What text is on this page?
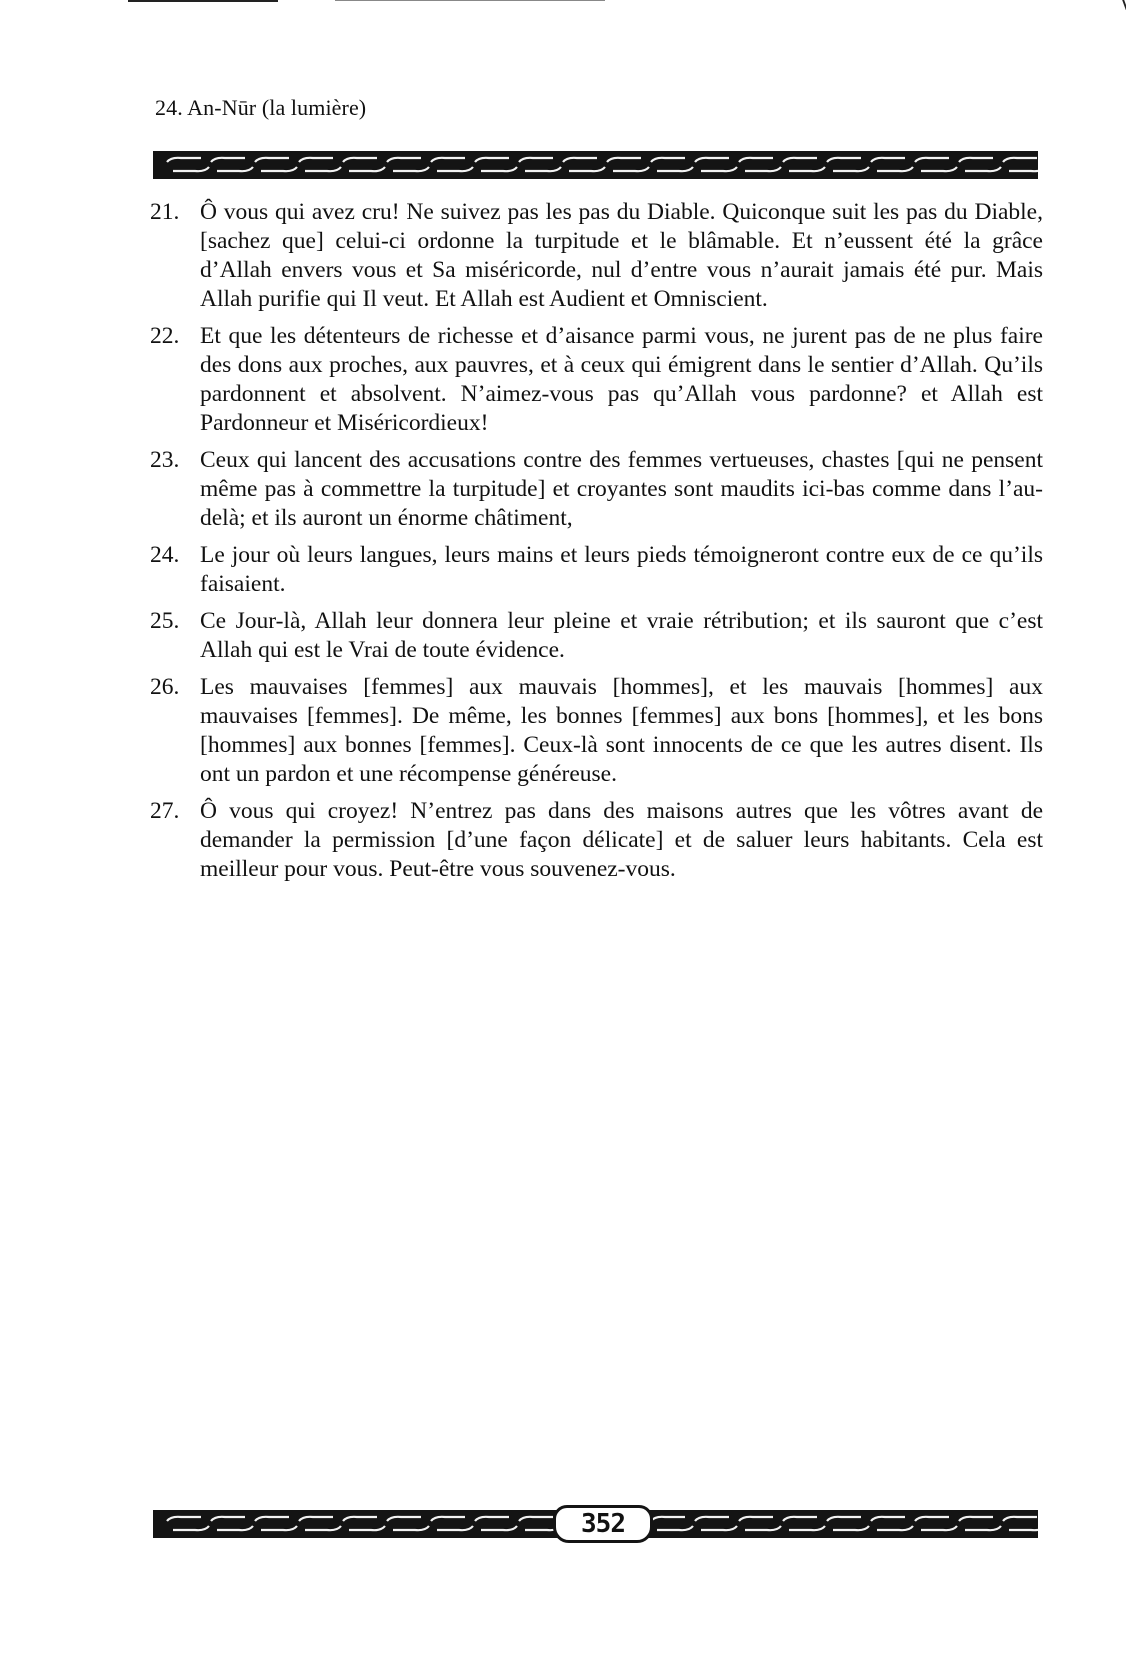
24. An-Nūr (la lumière)
21. Ô vous qui avez cru! Ne suivez pas les pas du Diable. Quiconque suit les pas du Diable, [sachez que] celui-ci ordonne la turpitude et le blâmable. Et n’eussent été la grâce d’Allah envers vous et Sa miséricorde, nul d’entre vous n’aurait jamais été pur. Mais Allah purifie qui Il veut. Et Allah est Audient et Omniscient.
22. Et que les détenteurs de richesse et d’aisance parmi vous, ne jurent pas de ne plus faire des dons aux proches, aux pauvres, et à ceux qui émigrent dans le sentier d’Allah. Qu’ils pardonnent et absolvent. N’aimez-vous pas qu’Allah vous pardonne? et Allah est Pardonneur et Miséricordieux!
23. Ceux qui lancent des accusations contre des femmes vertueuses, chastes [qui ne pensent même pas à commettre la turpitude] et croyantes sont maudits ici-bas comme dans l’au-delà; et ils auront un énorme châtiment,
24. Le jour où leurs langues, leurs mains et leurs pieds témoigneront contre eux de ce qu’ils faisaient.
25. Ce Jour-là, Allah leur donnera leur pleine et vraie rétribution; et ils sauront que c’est Allah qui est le Vrai de toute évidence.
26. Les mauvaises [femmes] aux mauvais [hommes], et les mauvais [hommes] aux mauvaises [femmes]. De même, les bonnes [femmes] aux bons [hommes], et les bons [hommes] aux bonnes [femmes]. Ceux-là sont innocents de ce que les autres disent. Ils ont un pardon et une récompense généreuse.
27. Ô vous qui croyez! N’entrez pas dans des maisons autres que les vôtres avant de demander la permission [d’une façon délicate] et de saluer leurs habitants. Cela est meilleur pour vous. Peut-être vous souvenez-vous.
352
